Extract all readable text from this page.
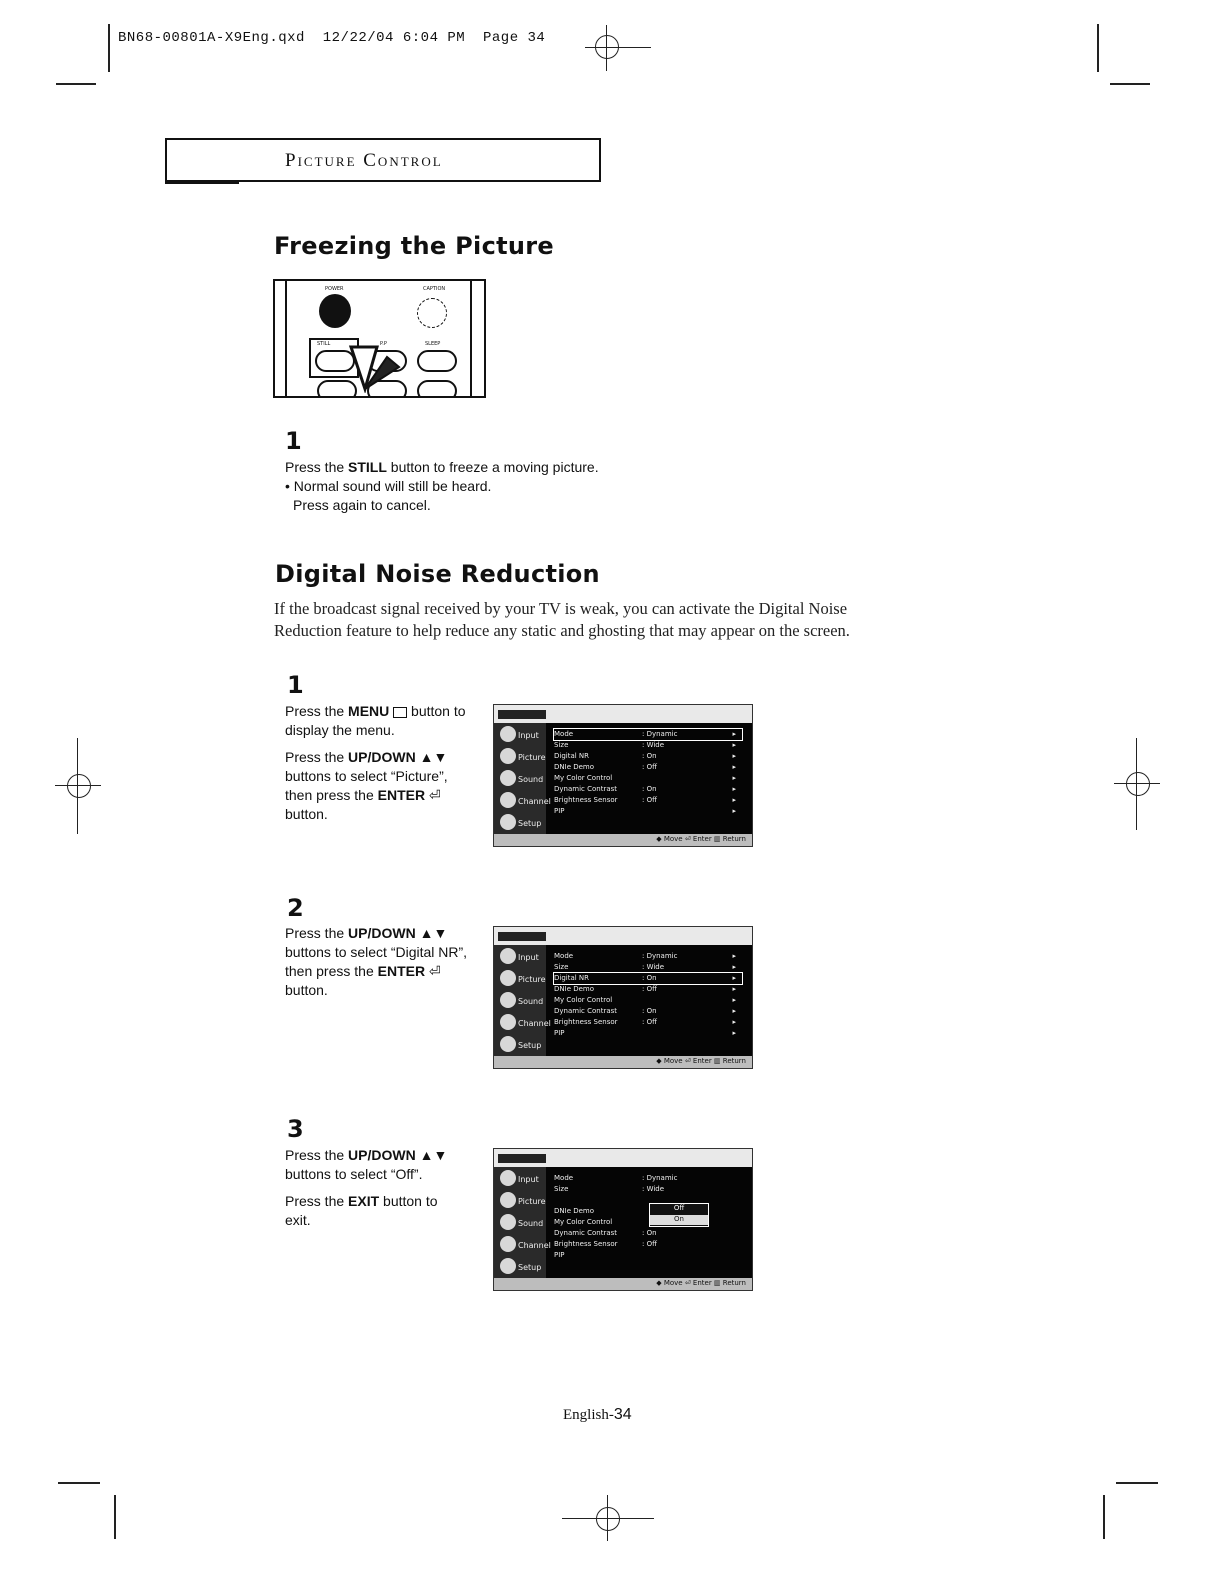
BN68-00801A-X9Eng.qxd 12/22/04 6:04 PM Page 34
Picture Control
Freezing the Picture
POWER	CAPTION
STILL	P.P	SLEEP
1
Press the STILL button to freeze a moving picture.
• Normal sound will still be heard.
Press again to cancel.
Digital Noise Reduction
If the broadcast signal received by your TV is weak, you can activate the Digital Noise
Reduction feature to help reduce any static and ghosting that may appear on the screen.
1

Press the MENU  button to display the menu.

Press the UP/DOWN ▲▼ buttons to select “Picture”, then press the ENTER ⏎ button.

Input
Picture
Sound
Channel
Setup
Mode	: Dynamic	▸
Size	: Wide	▸
Digital NR	: On	▸
DNIe Demo	: Off	▸
My Color Control	▸
Dynamic Contrast	: On	▸
Brightness Sensor	: Off	▸
PIP	▸
◆ Move ⏎ Enter ▥ Return
2

Press the UP/DOWN ▲▼ buttons to select “Digital NR”, then press the ENTER ⏎ button.

Input
Picture
Sound
Channel
Setup
Mode	: Dynamic	▸
Size	: Wide	▸
Digital NR	: On	▸
DNIe Demo	: Off	▸
My Color Control	▸
Dynamic Contrast	: On	▸
Brightness Sensor	: Off	▸
PIP	▸
◆ Move ⏎ Enter ▥ Return
3

Press the UP/DOWN ▲▼ buttons to select “Off”.

Press the EXIT button to exit.

Input
Picture
Sound
Channel
Setup
Mode	: Dynamic
Size	: Wide
DNIe Demo
My Color Control
Dynamic Contrast	: On
Brightness Sensor	: Off
PIP
Off
On
◆ Move ⏎ Enter ▥ Return
English-34
